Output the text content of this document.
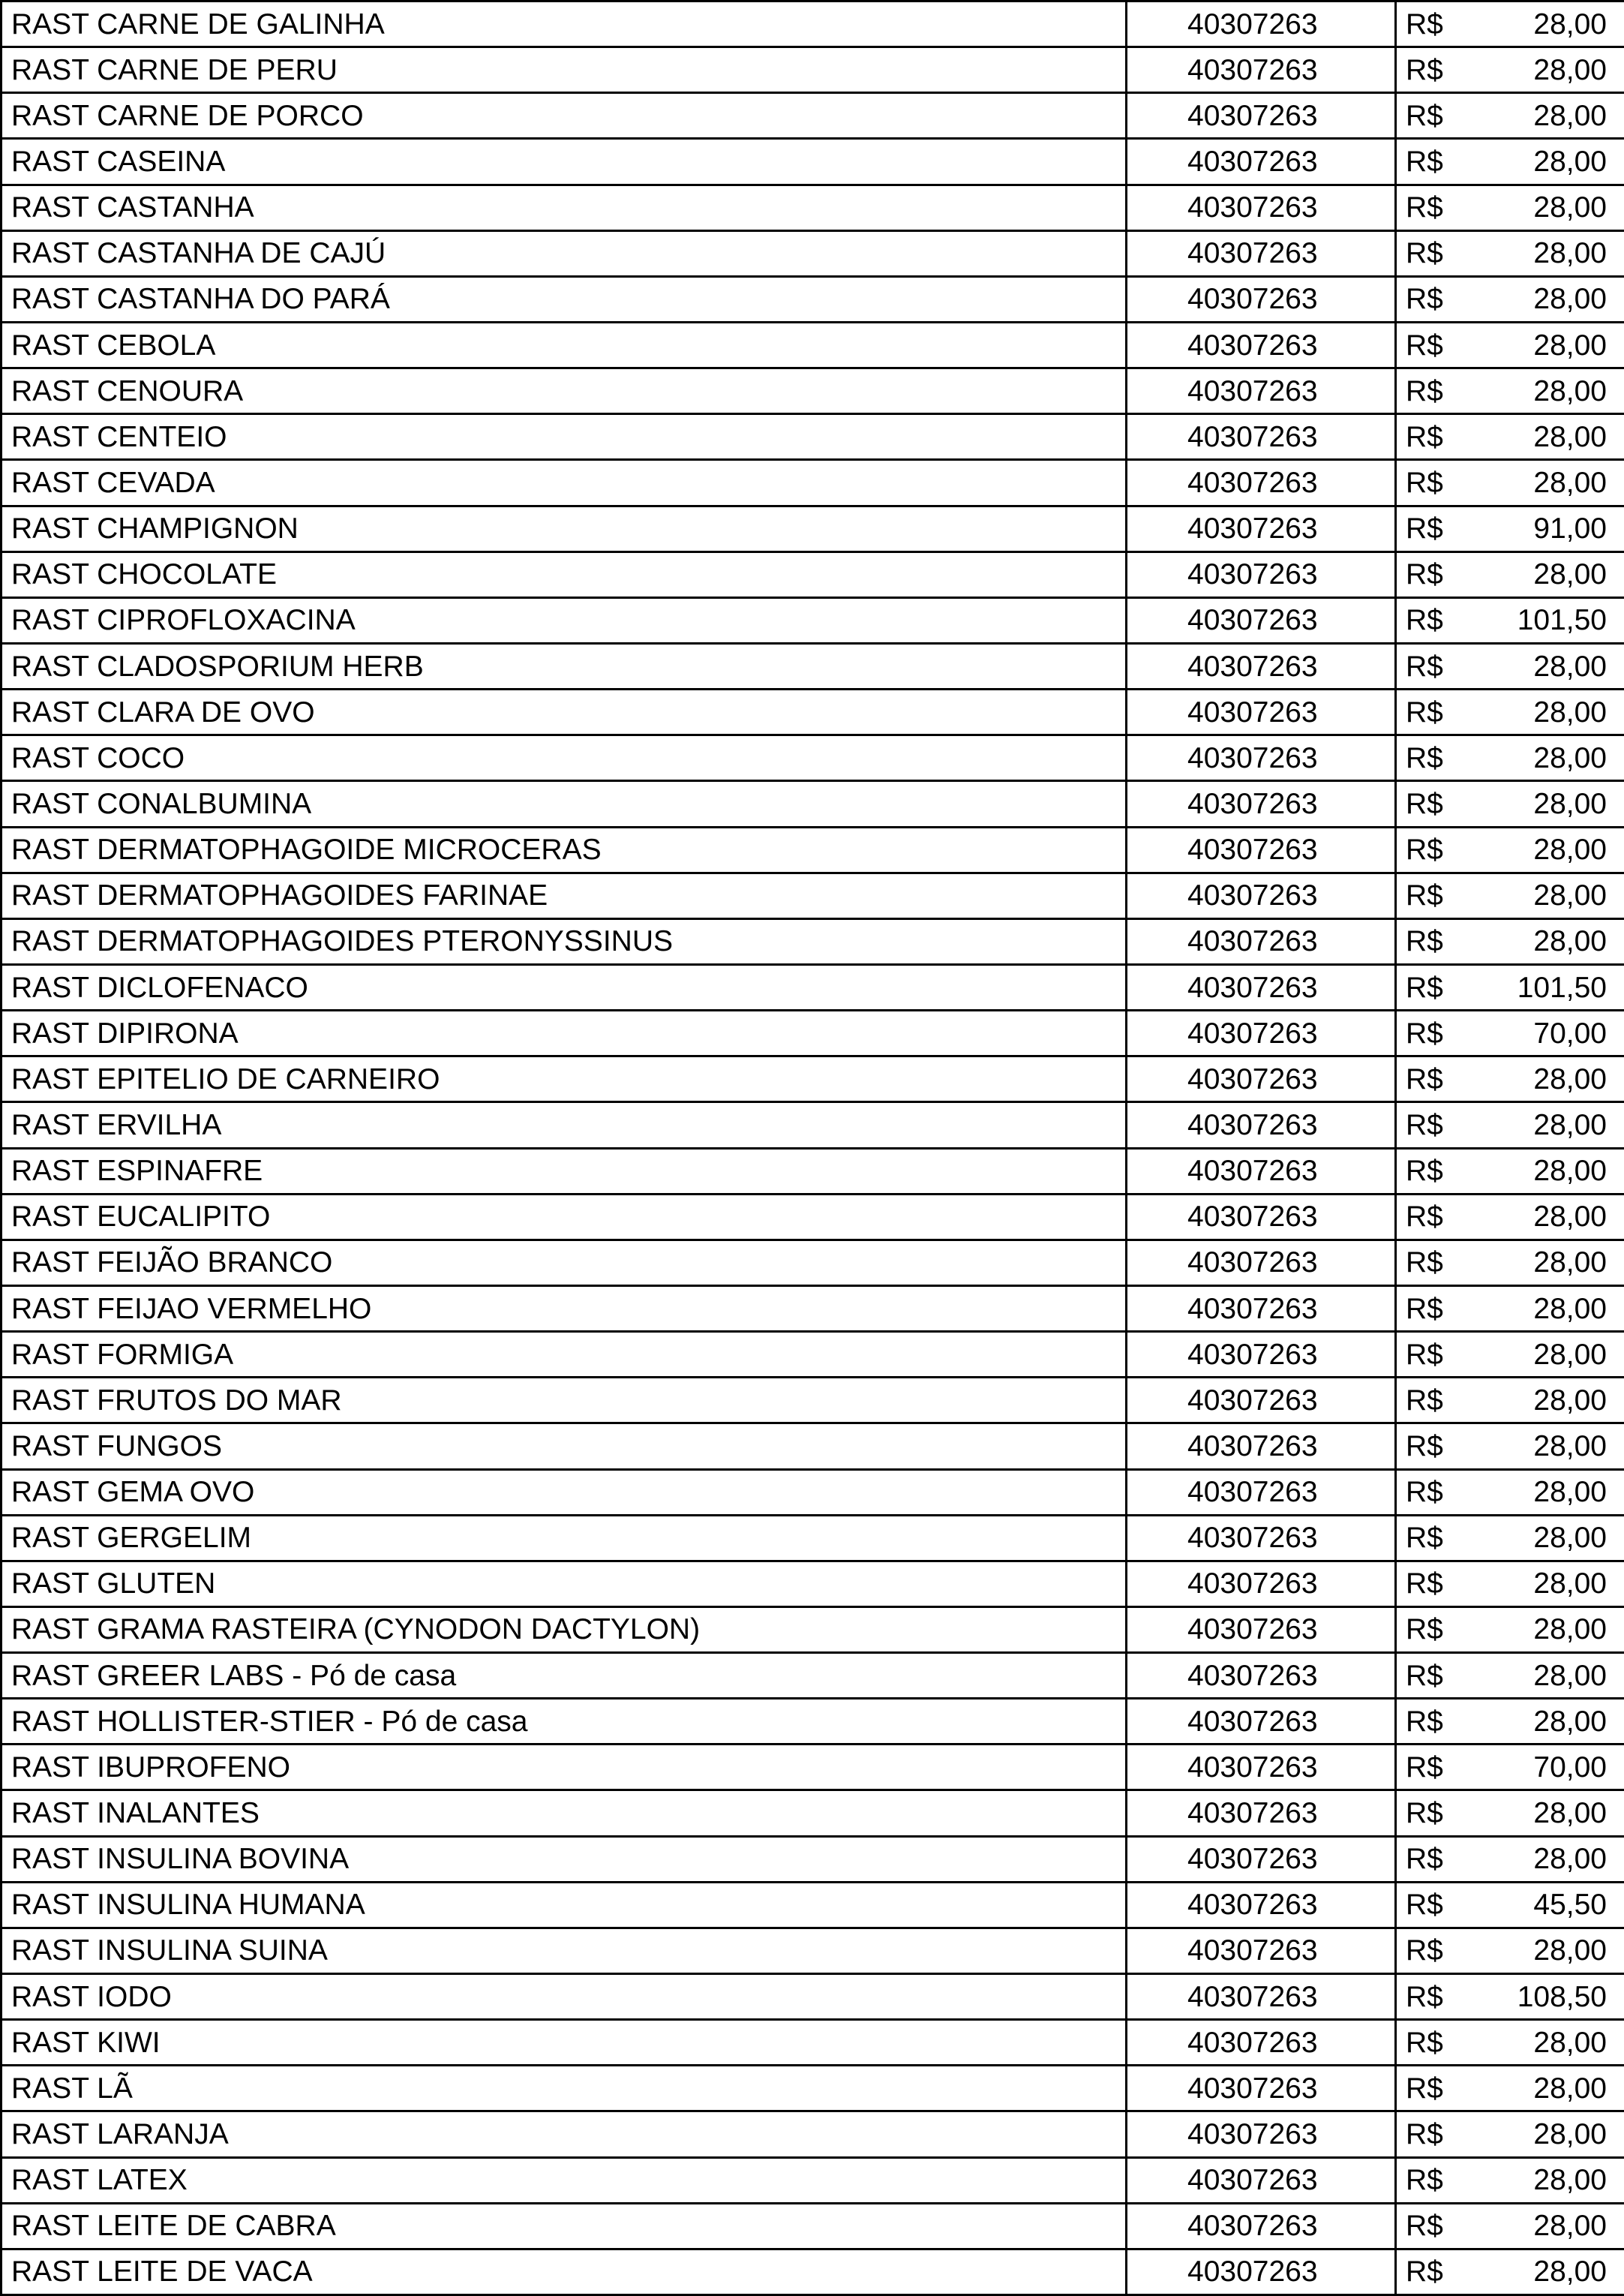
RAST CARNE DE GALINHA	40307263	R$ 28,00
RAST CARNE DE PERU	40307263	R$ 28,00
RAST CARNE DE PORCO	40307263	R$ 28,00
RAST CASEINA	40307263	R$ 28,00
RAST CASTANHA	40307263	R$ 28,00
RAST CASTANHA DE CAJÚ	40307263	R$ 28,00
RAST CASTANHA DO PARÁ	40307263	R$ 28,00
RAST CEBOLA	40307263	R$ 28,00
RAST CENOURA	40307263	R$ 28,00
RAST CENTEIO	40307263	R$ 28,00
RAST CEVADA	40307263	R$ 28,00
RAST CHAMPIGNON	40307263	R$ 91,00
RAST CHOCOLATE	40307263	R$ 28,00
RAST CIPROFLOXACINA	40307263	R$ 101,50
RAST CLADOSPORIUM HERB	40307263	R$ 28,00
RAST CLARA DE OVO	40307263	R$ 28,00
RAST COCO	40307263	R$ 28,00
RAST CONALBUMINA	40307263	R$ 28,00
RAST DERMATOPHAGOIDE MICROCERAS	40307263	R$ 28,00
RAST DERMATOPHAGOIDES FARINAE	40307263	R$ 28,00
RAST DERMATOPHAGOIDES PTERONYSSINUS	40307263	R$ 28,00
RAST DICLOFENACO	40307263	R$ 101,50
RAST DIPIRONA	40307263	R$ 70,00
RAST EPITELIO DE CARNEIRO	40307263	R$ 28,00
RAST ERVILHA	40307263	R$ 28,00
RAST ESPINAFRE	40307263	R$ 28,00
RAST EUCALIPITO	40307263	R$ 28,00
RAST FEIJÃO BRANCO	40307263	R$ 28,00
RAST FEIJAO VERMELHO	40307263	R$ 28,00
RAST FORMIGA	40307263	R$ 28,00
RAST FRUTOS DO MAR	40307263	R$ 28,00
RAST FUNGOS	40307263	R$ 28,00
RAST GEMA OVO	40307263	R$ 28,00
RAST GERGELIM	40307263	R$ 28,00
RAST GLUTEN	40307263	R$ 28,00
RAST GRAMA RASTEIRA (CYNODON DACTYLON)	40307263	R$ 28,00
RAST GREER LABS - Pó de casa	40307263	R$ 28,00
RAST HOLLISTER-STIER - Pó de casa	40307263	R$ 28,00
RAST IBUPROFENO	40307263	R$ 70,00
RAST INALANTES	40307263	R$ 28,00
RAST INSULINA BOVINA	40307263	R$ 28,00
RAST INSULINA HUMANA	40307263	R$ 45,50
RAST INSULINA SUINA	40307263	R$ 28,00
RAST IODO	40307263	R$ 108,50
RAST KIWI	40307263	R$ 28,00
RAST LÃ	40307263	R$ 28,00
RAST LARANJA	40307263	R$ 28,00
RAST LATEX	40307263	R$ 28,00
RAST LEITE DE CABRA	40307263	R$ 28,00
RAST LEITE DE VACA	40307263	R$ 28,00
